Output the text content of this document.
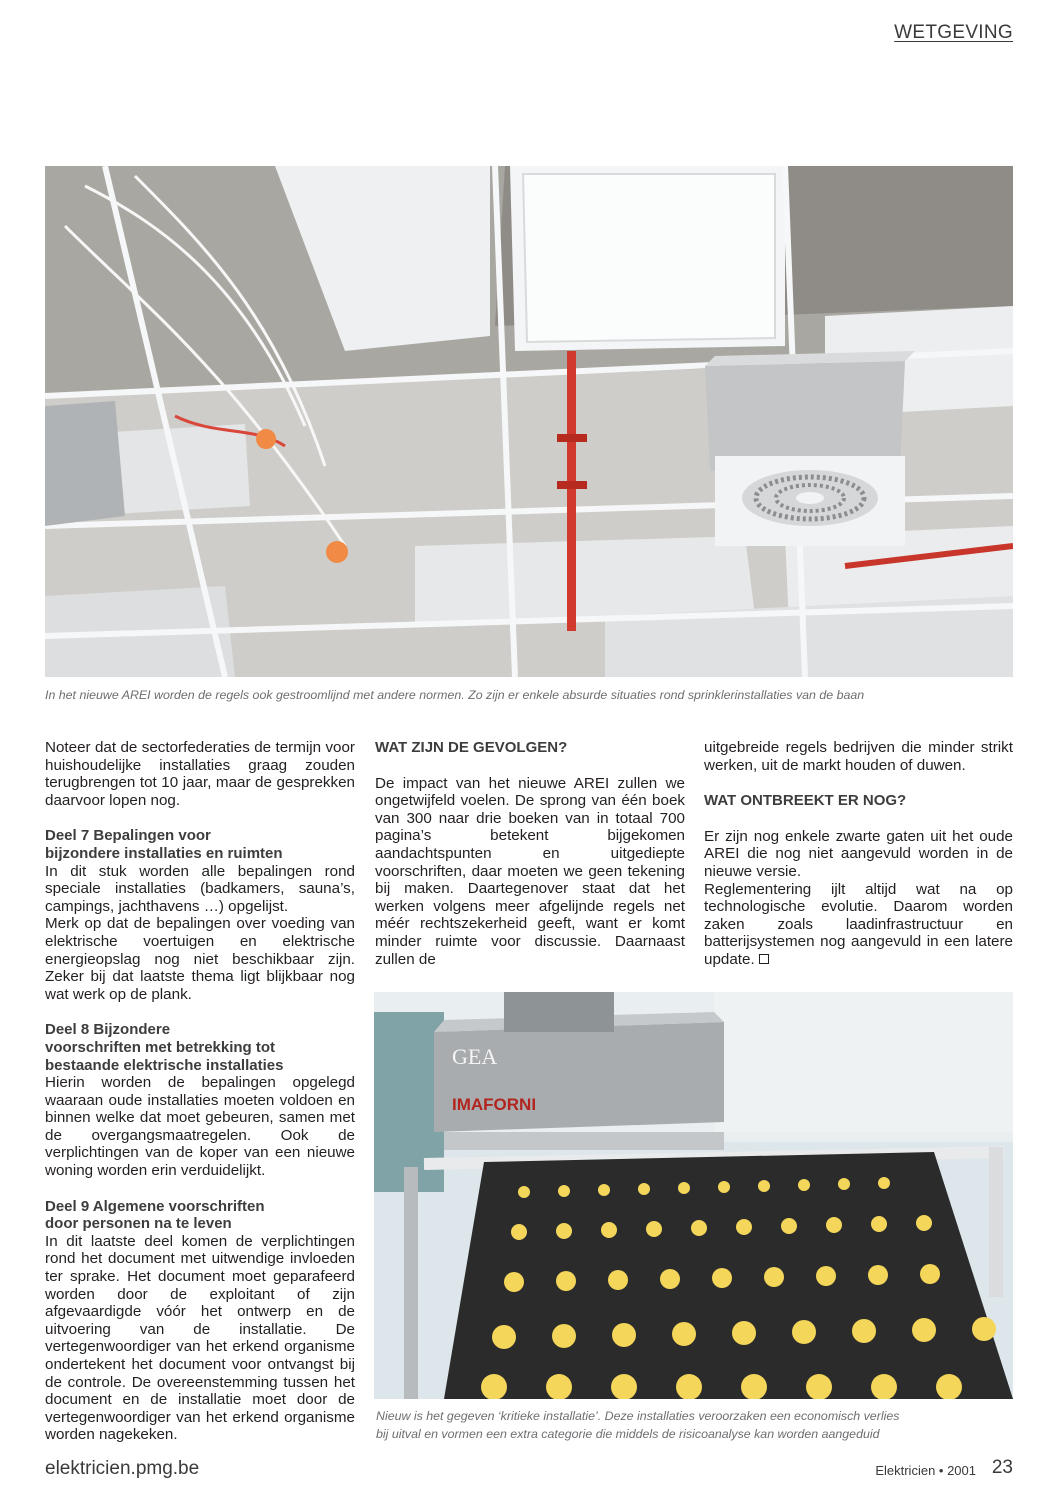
WETGEVING
In het nieuwe AREI worden de regels ook gestroomlijnd met andere normen. Zo zijn er enkele absurde situaties rond sprinklerinstallaties van de baan

Noteer dat de sectorfederaties de termijn voor huishoudelijke installaties graag zouden terugbrengen tot 10 jaar, maar de gesprekken daarvoor lopen nog.

Deel 7 Bepalingen voor
bijzondere installaties en ruimten

In dit stuk worden alle bepalingen rond speciale installaties (badkamers, sauna’s, campings, jachthavens …) opgelijst.

Merk op dat de bepalingen over voeding van elektrische voertuigen en elektrische energieopslag nog niet beschikbaar zijn. Zeker bij dat laatste thema ligt blijkbaar nog wat werk op de plank.

Deel 8 Bijzondere
voorschriften met betrekking tot
bestaande elektrische installaties

Hierin worden de bepalingen opgelegd waaraan oude installaties moeten voldoen en binnen welke dat moet gebeuren, samen met de overgangsmaatregelen. Ook de verplichtingen van de koper van een nieuwe woning worden erin verduidelijkt.

Deel 9 Algemene voorschriften
door personen na te leven

In dit laatste deel komen de verplichtingen rond het document met uitwendige invloeden ter sprake. Het document moet geparafeerd worden door de exploitant of zijn afgevaardigde vóór het ontwerp en de uitvoering van de installatie. De vertegenwoordiger van het erkend organisme ondertekent het document voor ontvangst bij de controle. De overeenstemming tussen het document en de installatie moet door de vertegenwoordiger van het erkend organisme worden nagekeken.

WAT ZIJN DE GEVOLGEN?

De impact van het nieuwe AREI zullen we ongetwijfeld voelen. De sprong van één boek van 300 naar drie boeken van in totaal 700 pagina’s betekent bijgekomen aandachtspunten en uitgediepte voorschriften, daar moeten we geen tekening bij maken. Daartegenover staat dat het werken volgens meer afgelijnde regels net méér rechtszekerheid geeft, want er komt minder ruimte voor discussie. Daarnaast zullen de

uitgebreide regels bedrijven die minder strikt werken, uit de markt houden of duwen.

WAT ONTBREEKT ER NOG?

Er zijn nog enkele zwarte gaten uit het oude AREI die nog niet aangevuld worden in de nieuwe versie.

Reglementering ijlt altijd wat na op technologische evolutie. Daarom worden zaken zoals laadinfrastructuur en batterijsystemen nog aangevuld in een latere update.

GEA
IMAFORNI
Nieuw is het gegeven ‘kritieke installatie’. Deze installaties veroorzaken een economisch verlies
bij uitval en vormen een extra categorie die middels de risicoanalyse kan worden aangeduid
elektricien.pmg.be	Elektricien • 2001 23
